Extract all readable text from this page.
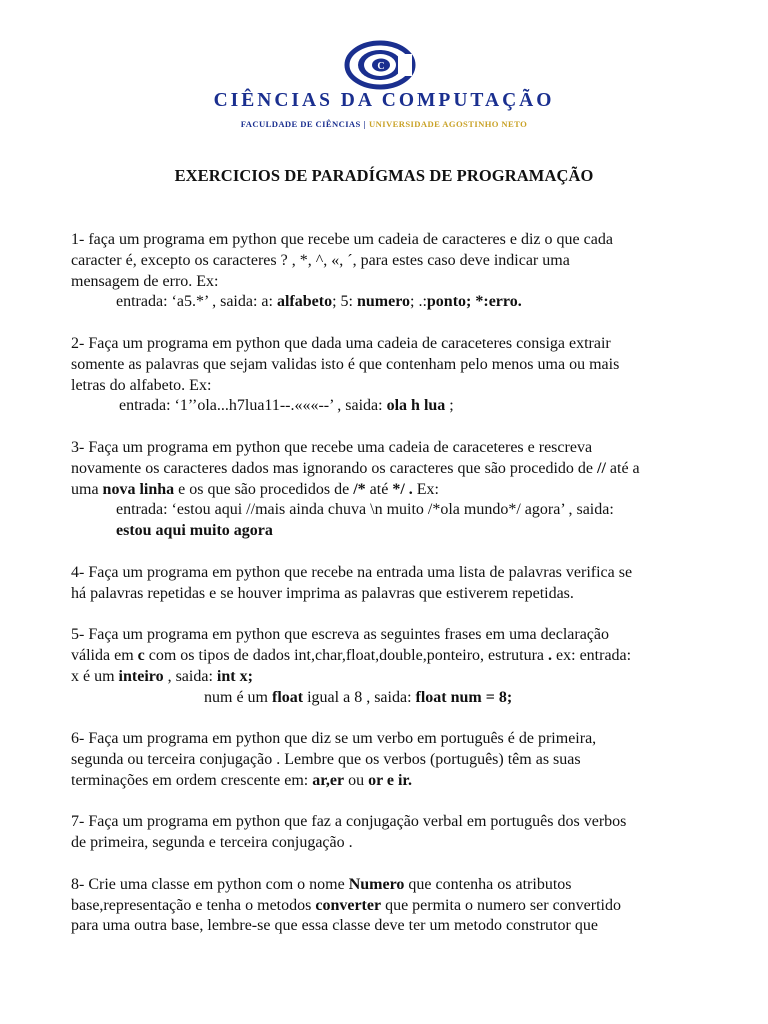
C
CIÊNCIAS DA COMPUTAÇÃO
FACULDADE DE CIÊNCIAS | UNIVERSIDADE AGOSTINHO NETO
EXERCICIOS DE PARADÍGMAS DE PROGRAMAÇÃO
1- faça um programa em python que recebe um cadeia de caracteres e diz o que cada
caracter é, excepto os caracteres ? , *, ^, «, ´, para estes caso deve indicar uma
mensagem de erro. Ex:
entrada: ‘a5.*’ , saida: a: alfabeto; 5: numero; .:ponto; *:erro.
2- Faça um programa em python que dada uma cadeia de caraceteres consiga extrair
somente as palavras que sejam validas isto é que contenham pelo menos uma ou mais
letras do alfabeto. Ex:
entrada: ‘1’’ola...h7lua11--.«««--’ , saida: ola h lua ;
3- Faça um programa em python que recebe uma cadeia de caraceteres e rescreva
novamente os caracteres dados mas ignorando os caracteres que são procedido de // até a
uma nova linha e os que são procedidos de /* até */ . Ex:
entrada: ‘estou aqui //mais ainda chuva \n muito /*ola mundo*/ agora’ , saida:
estou aqui muito agora
4- Faça um programa em python que recebe na entrada uma lista de palavras verifica se
há palavras repetidas e se houver imprima as palavras que estiverem repetidas.
5- Faça um programa em python que escreva as seguintes frases em uma declaração
válida em c com os tipos de dados int,char,float,double,ponteiro, estrutura . ex: entrada:
x é um inteiro , saida: int x;
num é um float igual a 8 , saida: float num = 8;
6- Faça um programa em python que diz se um verbo em português é de primeira,
segunda ou terceira conjugação . Lembre que os verbos (português) têm as suas
terminações em ordem crescente em: ar,er ou or e ir.
7- Faça um programa em python que faz a conjugação verbal em português dos verbos
de primeira, segunda e terceira conjugação .
8- Crie uma classe em python com o nome Numero que contenha os atributos
base,representação e tenha o metodos converter que permita o numero ser convertido
para uma outra base, lembre-se que essa classe deve ter um metodo construtor que
